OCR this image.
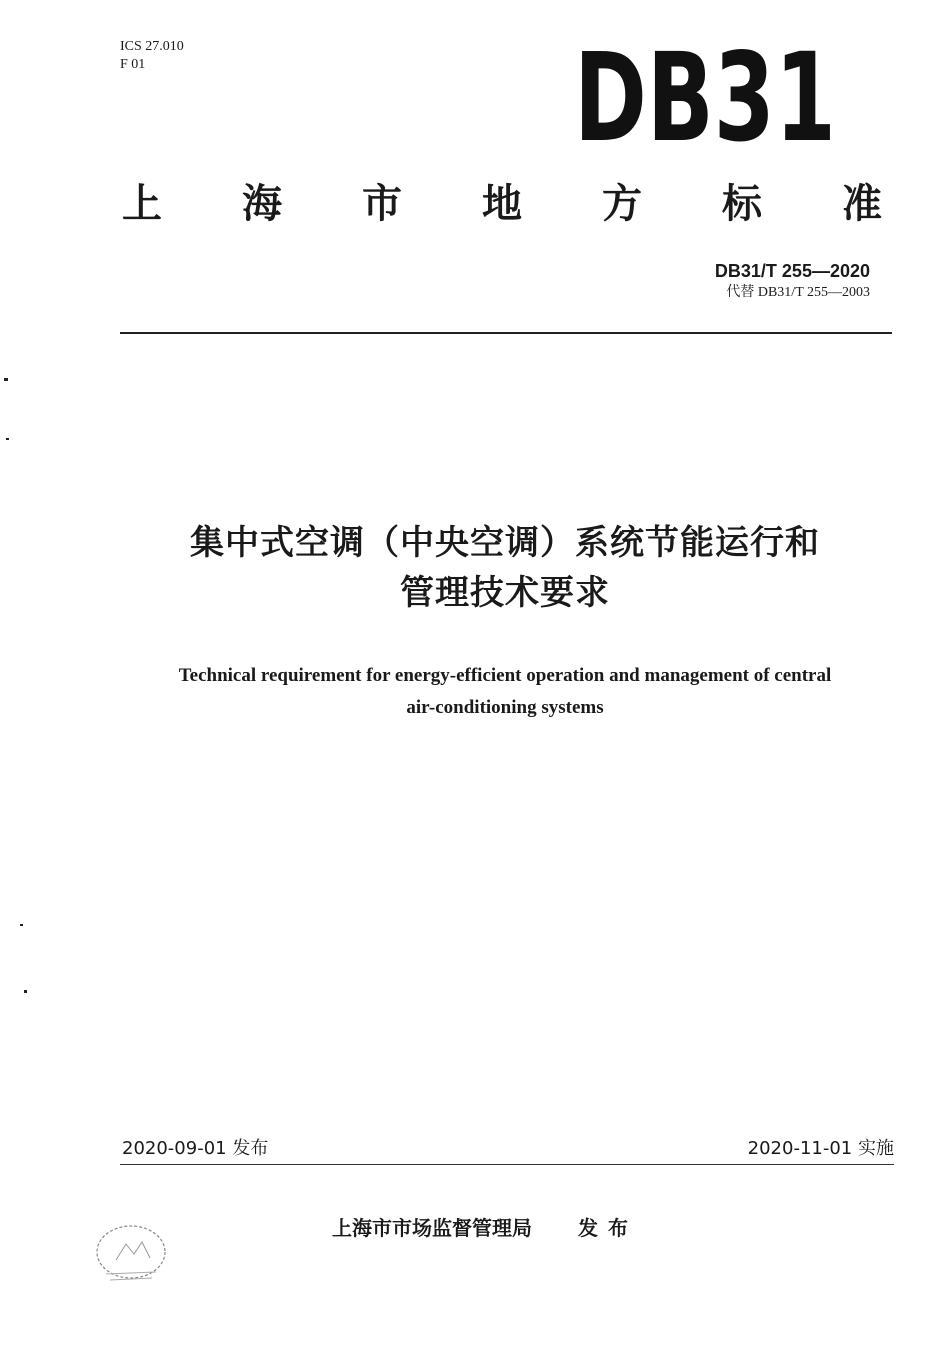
ICS 27.010
F 01	DB31
上 海 市 地 方 标 准
DB31/T 255—2020
代替 DB31/T 255—2003
集中式空调（中央空调）系统节能运行和
管理技术要求
Technical requirement for energy-efficient operation and management of central
air-conditioning systems
2020-09-01 发布	2020-11-01 实施
上海市市场监督管理局 发布
